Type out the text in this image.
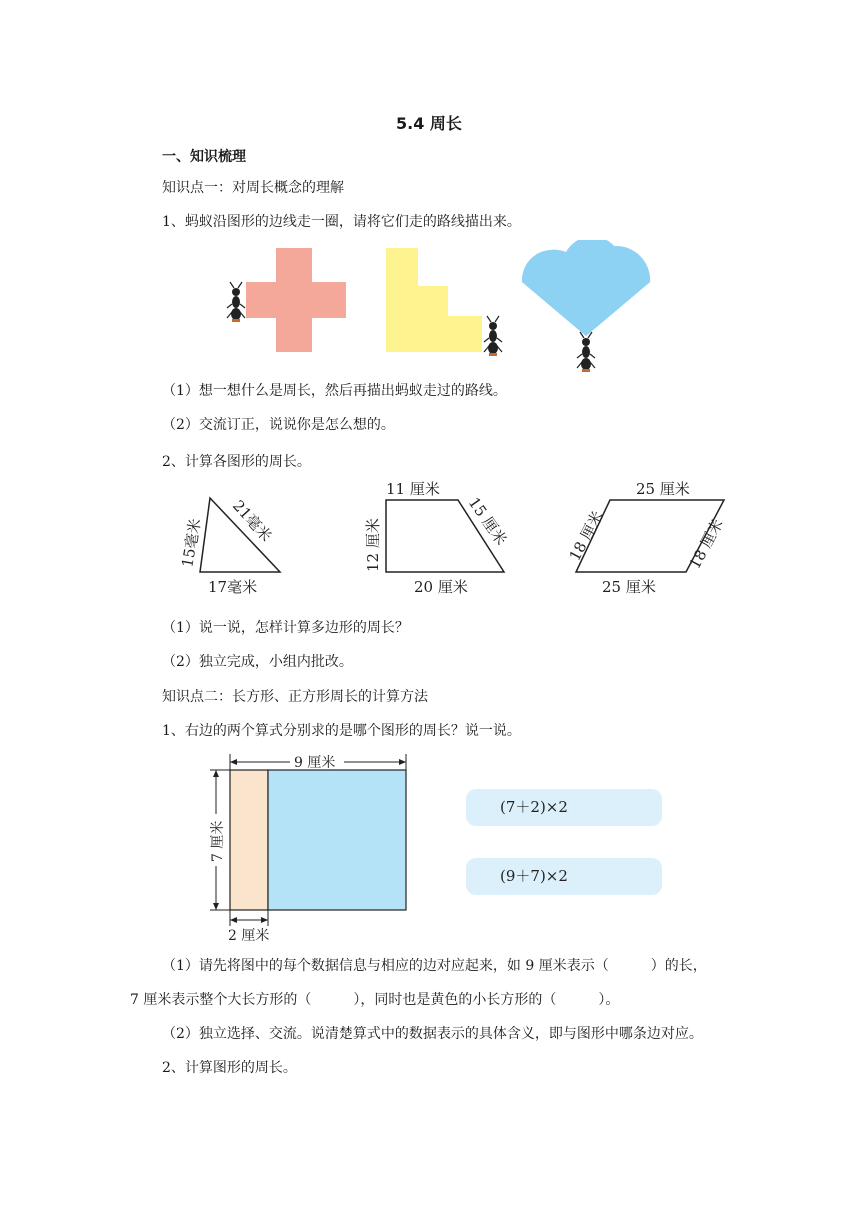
5.4 周长
一、知识梳理
知识点一：对周长概念的理解
1、蚂蚁沿图形的边线走一圈，请将它们走的路线描出来。
（1）想一想什么是周长，然后再描出蚂蚁走过的路线。
（2）交流订正，说说你是怎么想的。
2、计算各图形的周长。
15毫米 21毫米
17毫米
11 厘米
12 厘米	15 厘米
20 厘米
25 厘米
18 厘米	18 厘米
25 厘米
（1）说一说，怎样计算多边形的周长？
（2）独立完成，小组内批改。
知识点二：长方形、正方形周长的计算方法
1、右边的两个算式分别求的是哪个图形的周长？说一说。
9 厘米
7 厘米
2 厘米
(7＋2)×2
(9＋7)×2
（1）请先将图中的每个数据信息与相应的边对应起来，如 9 厘米表示（　　　）的长，
7 厘米表示整个大长方形的（　　　），同时也是黄色的小长方形的（　　　）。
（2）独立选择、交流。说清楚算式中的数据表示的具体含义，即与图形中哪条边对应。
2、计算图形的周长。
